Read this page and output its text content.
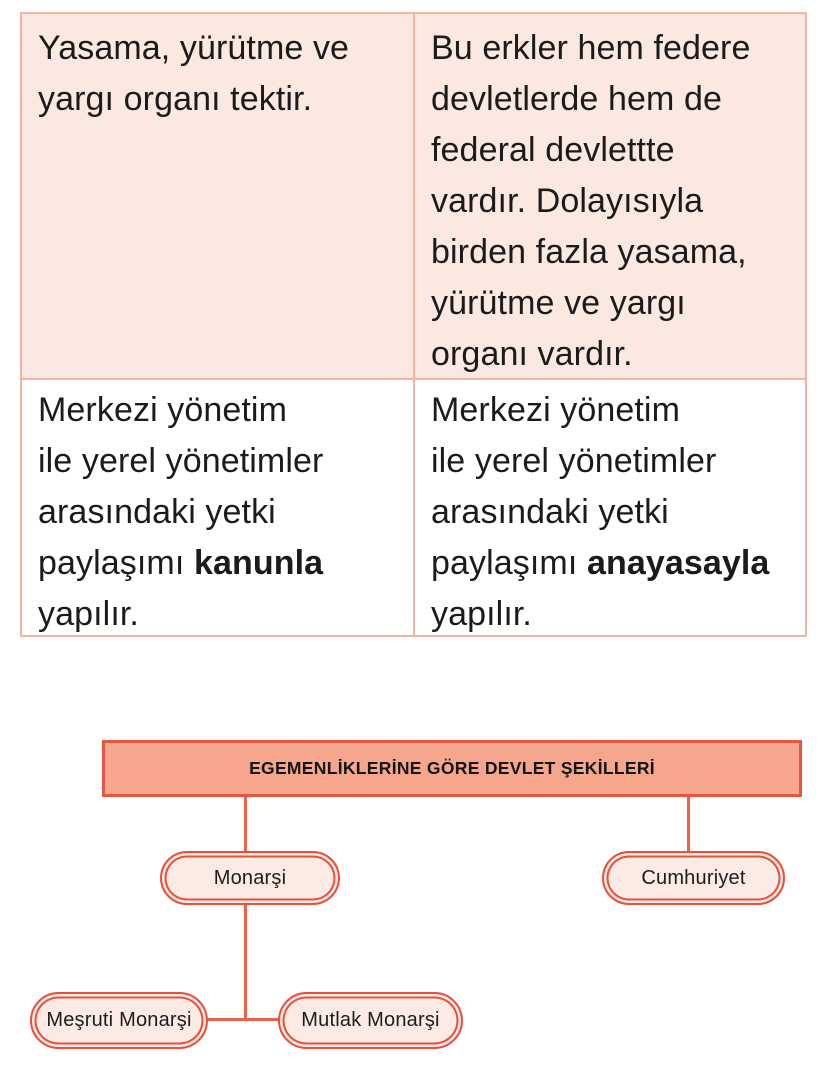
Yasama, yürütme ve
yargı organı tektir.
Bu erkler hem federe
devletlerde hem de
federal devlettte
vardır. Dolayısıyla
birden fazla yasama,
yürütme ve yargı
organı vardır.
Merkezi yönetim
ile yerel yönetimler
arasındaki yetki
paylaşımı kanunla
yapılır.
Merkezi yönetim
ile yerel yönetimler
arasındaki yetki
paylaşımı anayasayla
yapılır.
EGEMENLİKLERİNE GÖRE DEVLET ŞEKİLLERİ
Monarşi	Cumhuriyet
Meşruti Monarşi	Mutlak Monarşi
